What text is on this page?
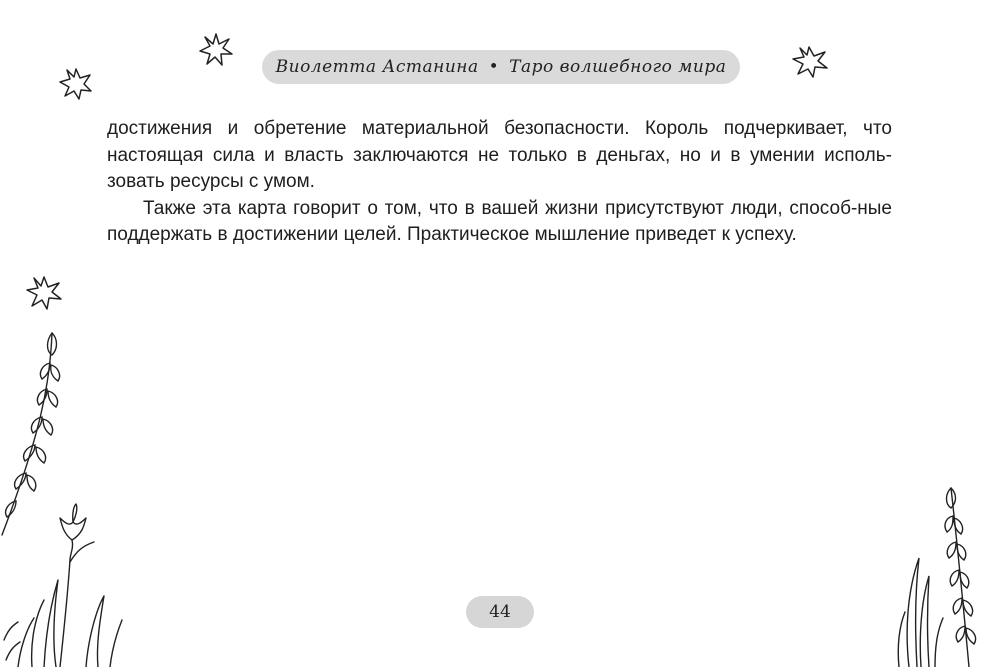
Виолетта Астанина • Таро волшебного мира

достижения и обретение материальной безопасности. Король подчеркивает, что настоящая сила и власть заключаются не только в деньгах, но и в умении исполь-зовать ресурсы с умом.

Также эта карта говорит о том, что в вашей жизни присутствуют люди, способ-ные поддержать в достижении целей. Практическое мышление приведет к успеху.

44
